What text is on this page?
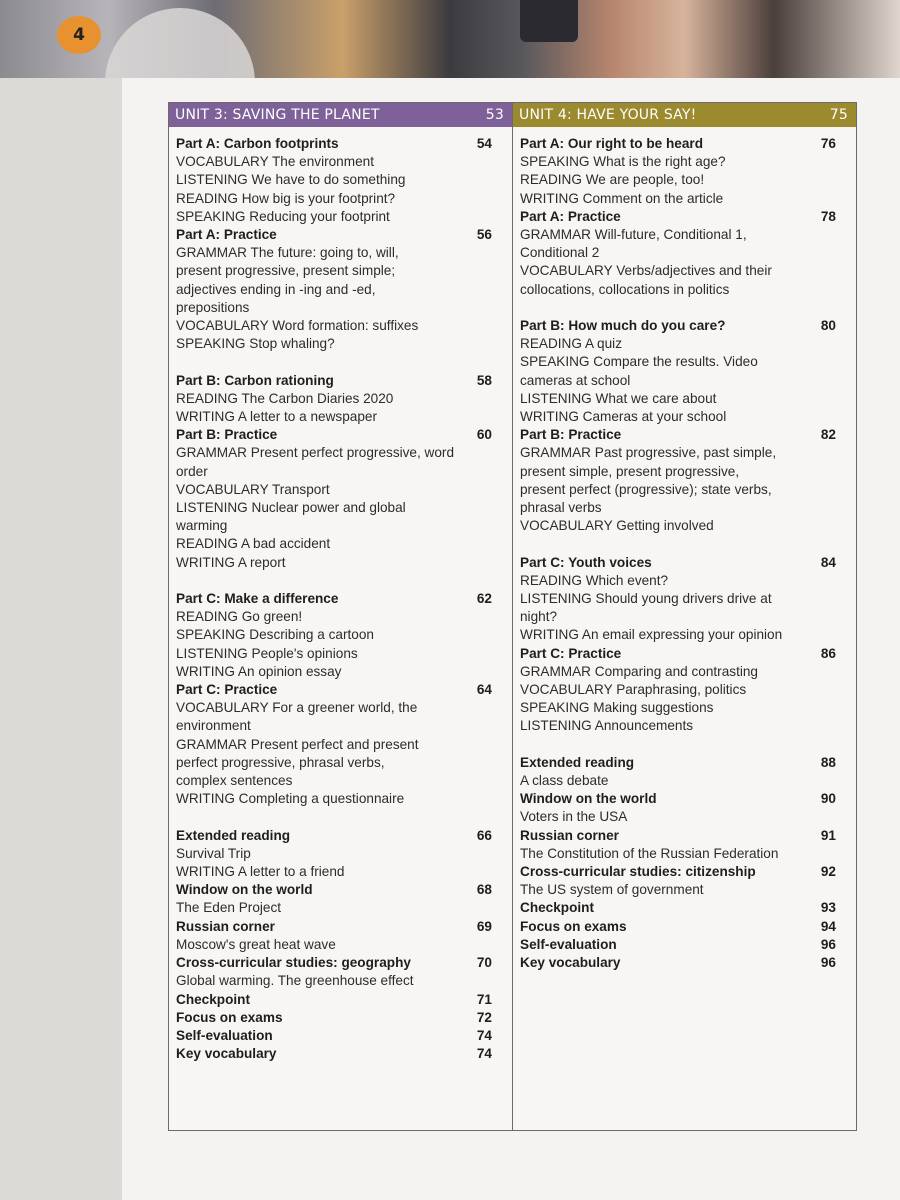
4
UNIT 3: SAVING THE PLANET	53
Part A: Carbon footprints	54
VOCABULARY The environment
LISTENING We have to do something
READING How big is your footprint?
SPEAKING Reducing your footprint
Part A: Practice	56
GRAMMAR The future: going to, will,
present progressive, present simple;
adjectives ending in -ing and -ed,
prepositions
VOCABULARY Word formation: suffixes
SPEAKING Stop whaling?
Part B: Carbon rationing	58
READING The Carbon Diaries 2020
WRITING A letter to a newspaper
Part B: Practice	60
GRAMMAR Present perfect progressive, word
order
VOCABULARY Transport
LISTENING Nuclear power and global
warming
READING A bad accident
WRITING A report
Part C: Make a difference	62
READING Go green!
SPEAKING Describing a cartoon
LISTENING People's opinions
WRITING An opinion essay
Part C: Practice	64
VOCABULARY For a greener world, the
environment
GRAMMAR Present perfect and present
perfect progressive, phrasal verbs,
complex sentences
WRITING Completing a questionnaire
Extended reading	66
Survival Trip
WRITING A letter to a friend
Window on the world	68
The Eden Project
Russian corner	69
Moscow's great heat wave
Cross-curricular studies: geography	70
Global warming. The greenhouse effect
Checkpoint	71
Focus on exams	72
Self-evaluation	74
Key vocabulary	74
UNIT 4: HAVE YOUR SAY!	75
Part A: Our right to be heard	76
SPEAKING What is the right age?
READING We are people, too!
WRITING Comment on the article
Part A: Practice	78
GRAMMAR Will-future, Conditional 1,
Conditional 2
VOCABULARY Verbs/adjectives and their
collocations, collocations in politics
Part B: How much do you care?	80
READING A quiz
SPEAKING Compare the results. Video
cameras at school
LISTENING What we care about
WRITING Cameras at your school
Part B: Practice	82
GRAMMAR Past progressive, past simple,
present simple, present progressive,
present perfect (progressive); state verbs,
phrasal verbs
VOCABULARY Getting involved
Part C: Youth voices	84
READING Which event?
LISTENING Should young drivers drive at
night?
WRITING An email expressing your opinion
Part C: Practice	86
GRAMMAR Comparing and contrasting
VOCABULARY Paraphrasing, politics
SPEAKING Making suggestions
LISTENING Announcements
Extended reading	88
A class debate
Window on the world	90
Voters in the USA
Russian corner	91
The Constitution of the Russian Federation
Cross-curricular studies: citizenship	92
The US system of government
Checkpoint	93
Focus on exams	94
Self-evaluation	96
Key vocabulary	96
